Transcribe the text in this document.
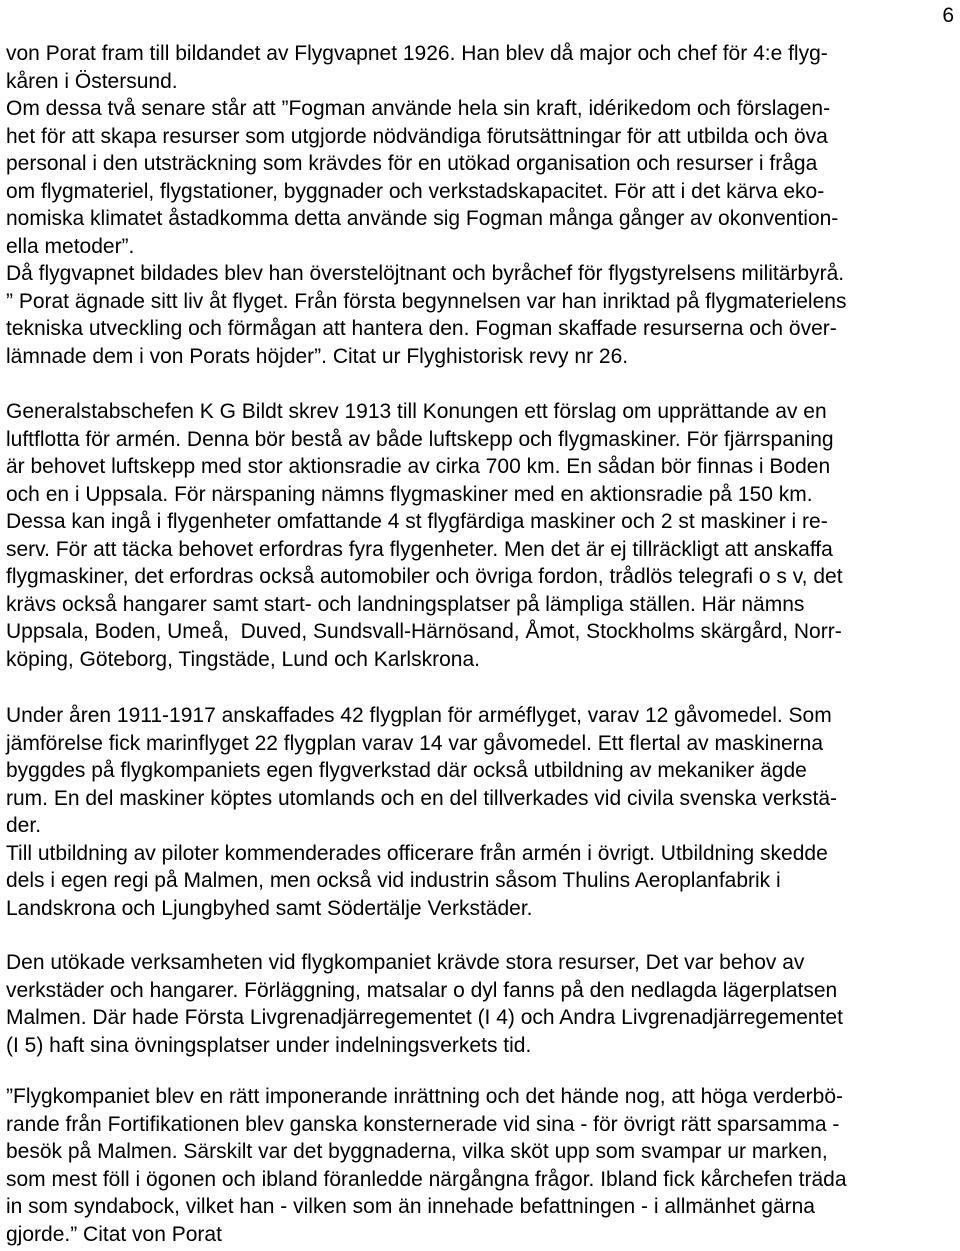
6
von Porat fram till bildandet av Flygvapnet 1926. Han blev då major och chef för 4:e flyg-
kåren i Östersund.
Om dessa två senare står att ”Fogman använde hela sin kraft, idérikedom och förslagen-
het för att skapa resurser som utgjorde nödvändiga förutsättningar för att utbilda och öva
personal i den utsträckning som krävdes för en utökad organisation och resurser i fråga
om flygmateriel, flygstationer, byggnader och verkstadskapacitet. För att i det kärva eko-
nomiska klimatet åstadkomma detta använde sig Fogman många gånger av okonvention-
ella metoder”.
Då flygvapnet bildades blev han överstelöjtnant och byråchef för flygstyrelsens militärbyrå.
” Porat ägnade sitt liv åt flyget. Från första begynnelsen var han inriktad på flygmaterielens
tekniska utveckling och förmågan att hantera den. Fogman skaffade resurserna och över-
lämnade dem i von Porats höjder”. Citat ur Flyghistorisk revy nr 26.
Generalstabschefen K G Bildt skrev 1913 till Konungen ett förslag om upprättande av en
luftflotta för armén. Denna bör bestå av både luftskepp och flygmaskiner. För fjärrspaning
är behovet luftskepp med stor aktionsradie av cirka 700 km. En sådan bör finnas i Boden
och en i Uppsala. För närspaning nämns flygmaskiner med en aktionsradie på 150 km.
Dessa kan ingå i flygenheter omfattande 4 st flygfärdiga maskiner och 2 st maskiner i re-
serv. För att täcka behovet erfordras fyra flygenheter. Men det är ej tillräckligt att anskaffa
flygmaskiner, det erfordras också automobiler och övriga fordon, trådlös telegrafi o s v, det
krävs också hangarer samt start- och landningsplatser på lämpliga ställen. Här nämns
Uppsala, Boden, Umeå,  Duved, Sundsvall-Härnösand, Åmot, Stockholms skärgård, Norr-
köping, Göteborg, Tingstäde, Lund och Karlskrona.
Under åren 1911-1917 anskaffades 42 flygplan för arméflyget, varav 12 gåvomedel. Som
jämförelse fick marinflyget 22 flygplan varav 14 var gåvomedel. Ett flertal av maskinerna
byggdes på flygkompaniets egen flygverkstad där också utbildning av mekaniker ägde
rum. En del maskiner köptes utomlands och en del tillverkades vid civila svenska verkstä-
der.
Till utbildning av piloter kommenderades officerare från armén i övrigt. Utbildning skedde
dels i egen regi på Malmen, men också vid industrin såsom Thulins Aeroplanfabrik i
Landskrona och Ljungbyhed samt Södertälje Verkstäder.
Den utökade verksamheten vid flygkompaniet krävde stora resurser, Det var behov av
verkstäder och hangarer. Förläggning, matsalar o dyl fanns på den nedlagda lägerplatsen
Malmen. Där hade Första Livgrenadjärregementet (I 4) och Andra Livgrenadjärregementet
(I 5) haft sina övningsplatser under indelningsverkets tid.
”Flygkompaniet blev en rätt imponerande inrättning och det hände nog, att höga verderbö-
rande från Fortifikationen blev ganska konsternerade vid sina - för övrigt rätt sparsamma -
besök på Malmen. Särskilt var det byggnaderna, vilka sköt upp som svampar ur marken,
som mest föll i ögonen och ibland föranledde närgångna frågor. Ibland fick kårchefen träda
in som syndabock, vilket han - vilken som än innehade befattningen - i allmänhet gärna
gjorde.” Citat von Porat
